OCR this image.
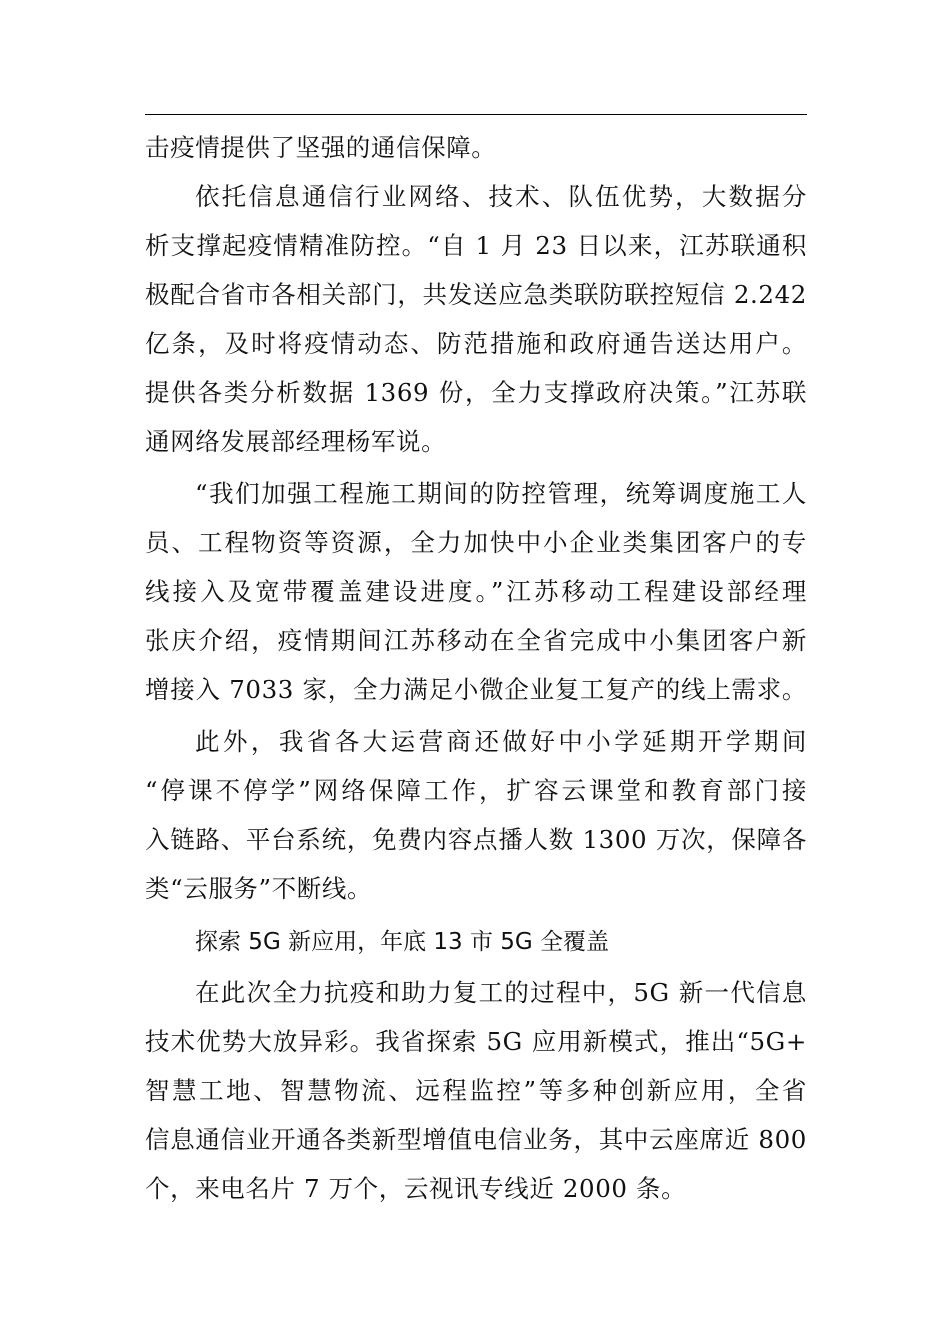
击疫情提供了坚强的通信保障。
依托信息通信行业网络、技术、队伍优势，大数据分
析支撑起疫情精准防控。“自 1 月 23 日以来，江苏联通积
极配合省市各相关部门，共发送应急类联防联控短信 2.242
亿条，及时将疫情动态、防范措施和政府通告送达用户。
提供各类分析数据 1369 份，全力支撑政府决策。”江苏联
通网络发展部经理杨军说。
“我们加强工程施工期间的防控管理，统筹调度施工人
员、工程物资等资源，全力加快中小企业类集团客户的专
线接入及宽带覆盖建设进度。”江苏移动工程建设部经理
张庆介绍，疫情期间江苏移动在全省完成中小集团客户新
增接入 7033 家，全力满足小微企业复工复产的线上需求。
此外，我省各大运营商还做好中小学延期开学期间
“停课不停学”网络保障工作，扩容云课堂和教育部门接
入链路、平台系统，免费内容点播人数 1300 万次，保障各
类“云服务”不断线。
探索 5G 新应用，年底 13 市 5G 全覆盖
在此次全力抗疫和助力复工的过程中，5G 新一代信息
技术优势大放异彩。我省探索 5G 应用新模式，推出“5G+
智慧工地、智慧物流、远程监控”等多种创新应用，全省
信息通信业开通各类新型增值电信业务，其中云座席近 800
个，来电名片 7 万个，云视讯专线近 2000 条。
